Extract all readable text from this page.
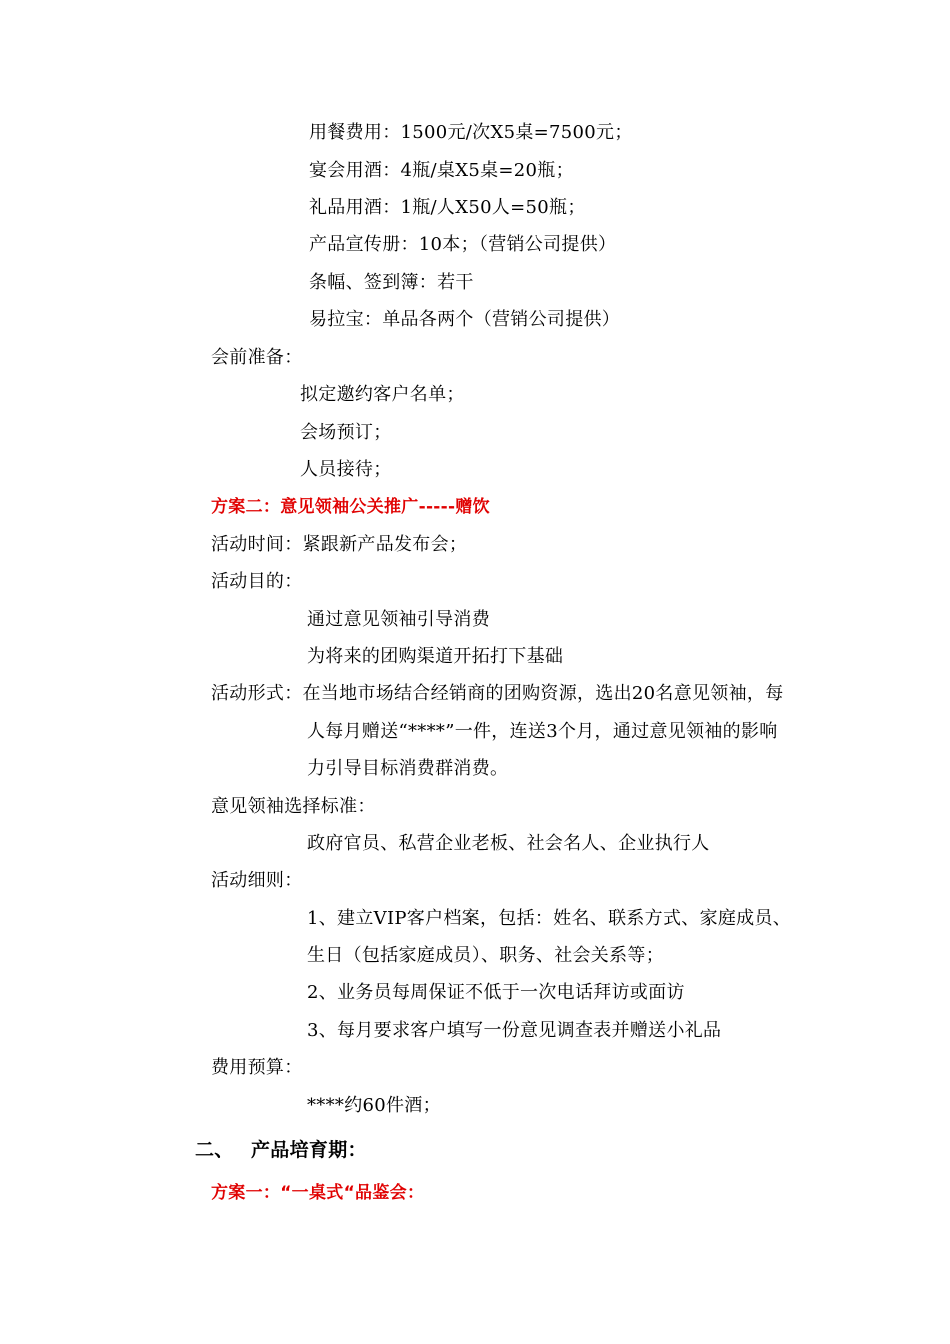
用餐费用：1500元/次X5桌=7500元；
宴会用酒：4瓶/桌X5桌=20瓶；
礼品用酒：1瓶/人X50人=50瓶；
产品宣传册：10本；（营销公司提供）
条幅、签到簿：若干
易拉宝：单品各两个（营销公司提供）
会前准备：
拟定邀约客户名单；
会场预订；
人员接待；
方案二：意见领袖公关推广-----赠饮
活动时间：紧跟新产品发布会；
活动目的：
通过意见领袖引导消费
为将来的团购渠道开拓打下基础
活动形式：在当地市场结合经销商的团购资源，选出20名意见领袖，每
人每月赠送“****”一件，连送3个月，通过意见领袖的影响
力引导目标消费群消费。
意见领袖选择标准：
政府官员、私营企业老板、社会名人、企业执行人
活动细则：
1、建立VIP客户档案，包括：姓名、联系方式、家庭成员、
生日（包括家庭成员）、职务、社会关系等；
2、业务员每周保证不低于一次电话拜访或面访
3、每月要求客户填写一份意见调查表并赠送小礼品
费用预算：
****约60件酒；
二、 产品培育期：
方案一：“一桌式“品鉴会：
